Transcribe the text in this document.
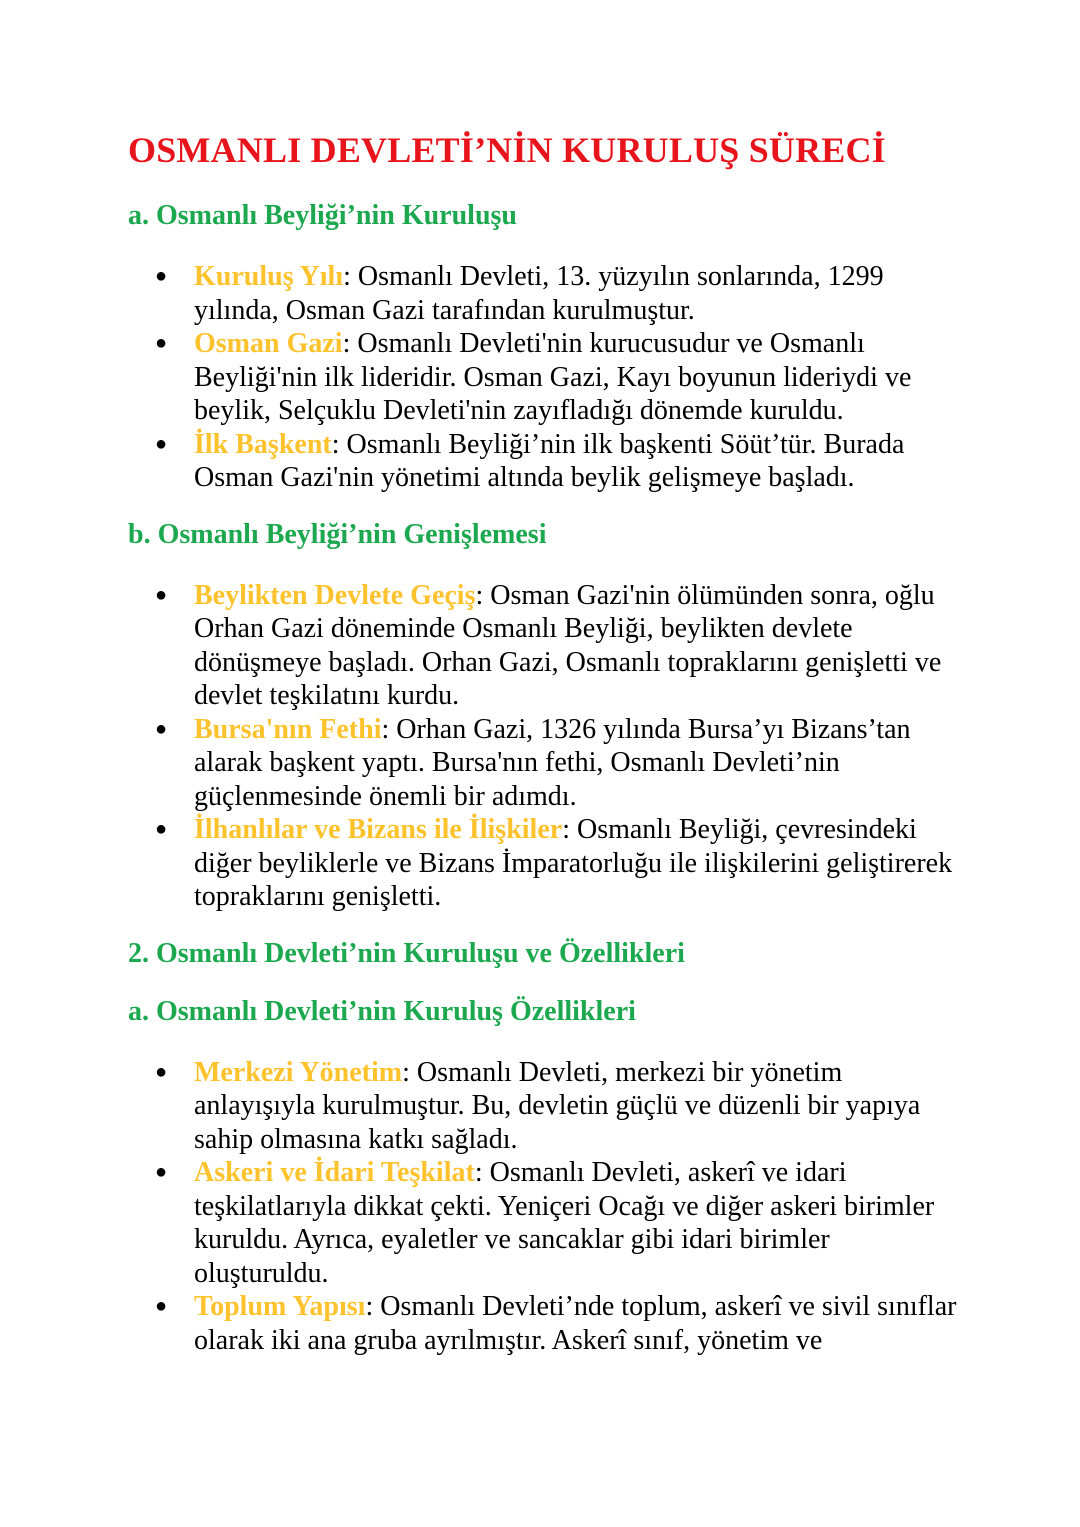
OSMANLI DEVLETİ’NİN KURULUŞ SÜRECİ
a. Osmanlı Beyliği’nin Kuruluşu
● Kuruluş Yılı: Osmanlı Devleti, 13. yüzyılın sonlarında, 1299 yılında, Osman Gazi tarafından kurulmuştur.
● Osman Gazi: Osmanlı Devleti'nin kurucusudur ve Osmanlı Beyliği'nin ilk lideridir. Osman Gazi, Kayı boyunun lideriydi ve beylik, Selçuklu Devleti'nin zayıfladığı dönemde kuruldu.
● İlk Başkent: Osmanlı Beyliği’nin ilk başkenti Söüt’tür. Burada Osman Gazi'nin yönetimi altında beylik gelişmeye başladı.
b. Osmanlı Beyliği’nin Genişlemesi
● Beylikten Devlete Geçiş: Osman Gazi'nin ölümünden sonra, oğlu Orhan Gazi döneminde Osmanlı Beyliği, beylikten devlete dönüşmeye başladı. Orhan Gazi, Osmanlı topraklarını genişletti ve devlet teşkilatını kurdu.
● Bursa'nın Fethi: Orhan Gazi, 1326 yılında Bursa’yı Bizans’tan alarak başkent yaptı. Bursa'nın fethi, Osmanlı Devleti’nin güçlenmesinde önemli bir adımdı.
● İlhanlılar ve Bizans ile İlişkiler: Osmanlı Beyliği, çevresindeki diğer beyliklerle ve Bizans İmparatorluğu ile ilişkilerini geliştirerek topraklarını genişletti.
2. Osmanlı Devleti’nin Kuruluşu ve Özellikleri
a. Osmanlı Devleti’nin Kuruluş Özellikleri
● Merkezi Yönetim: Osmanlı Devleti, merkezi bir yönetim anlayışıyla kurulmuştur. Bu, devletin güçlü ve düzenli bir yapıya sahip olmasına katkı sağladı.
● Askeri ve İdari Teşkilat: Osmanlı Devleti, askerî ve idari teşkilatlarıyla dikkat çekti. Yeniçeri Ocağı ve diğer askeri birimler kuruldu. Ayrıca, eyaletler ve sancaklar gibi idari birimler oluşturuldu.
● Toplum Yapısı: Osmanlı Devleti’nde toplum, askerî ve sivil sınıflar olarak iki ana gruba ayrılmıştır. Askerî sınıf, yönetim ve
